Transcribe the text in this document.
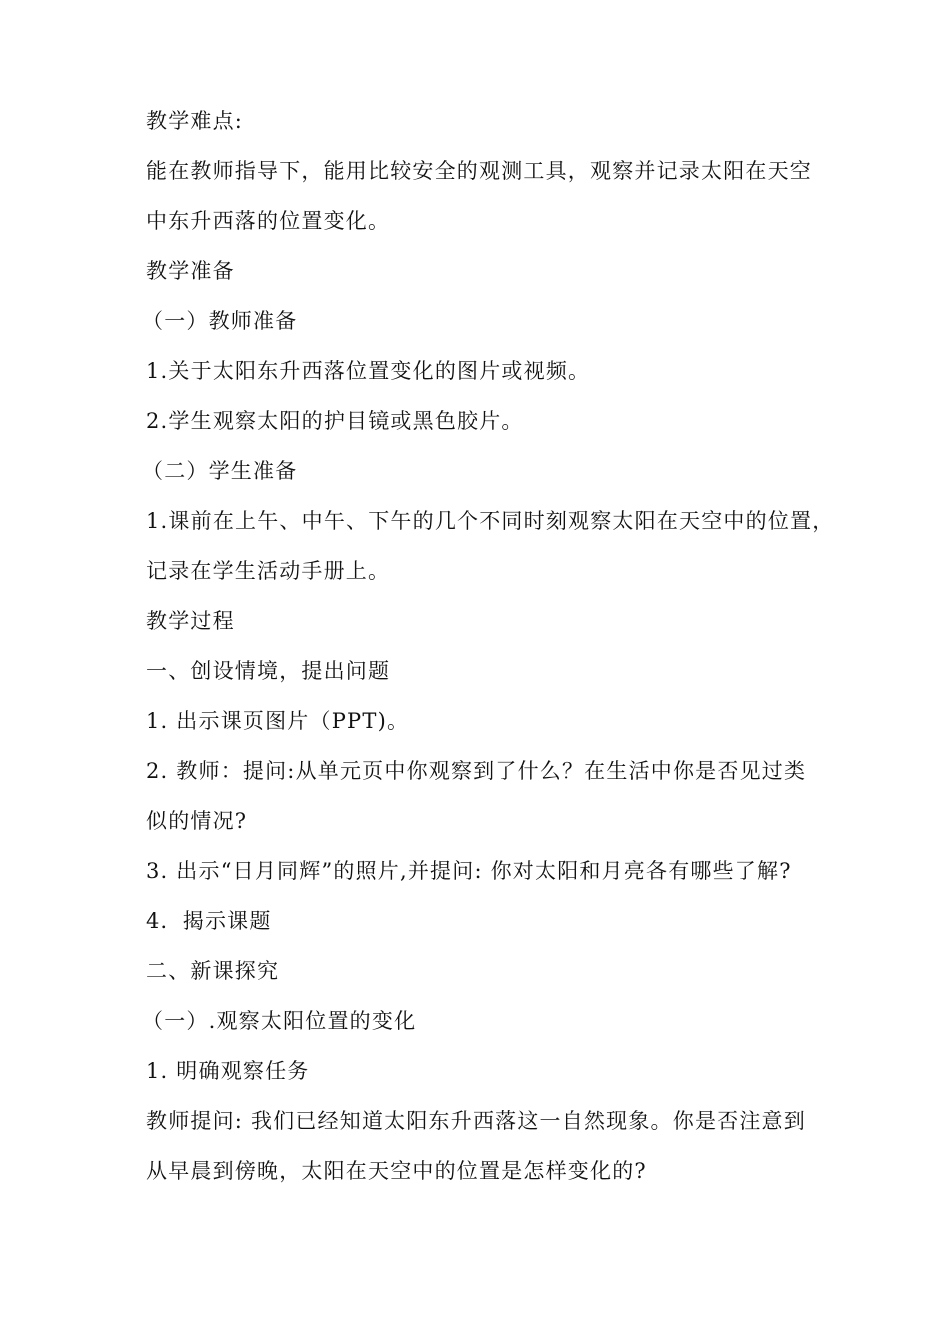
教学难点:
能在教师指导下，能用比较安全的观测工具，观察并记录太阳在天空
中东升西落的位置变化。
教学准备
（一）教师准备
1.关于太阳东升西落位置变化的图片或视频。
2.学生观察太阳的护目镜或黑色胶片。
（二）学生准备
1.课前在上午、中午、下午的几个不同时刻观察太阳在天空中的位置，
记录在学生活动手册上。
教学过程
一、创设情境，提出问题
1. 出示课页图片（PPT)。
2. 教师：提问:从单元页中你观察到了什么？在生活中你是否见过类
似的情况?
3. 出示“日月同辉”的照片,并提问: 你对太阳和月亮各有哪些了解?
4．揭示课题
二、新课探究
（一）.观察太阳位置的变化
1. 明确观察任务
教师提问: 我们已经知道太阳东升西落这一自然现象。你是否注意到
从早晨到傍晚，太阳在天空中的位置是怎样变化的?
